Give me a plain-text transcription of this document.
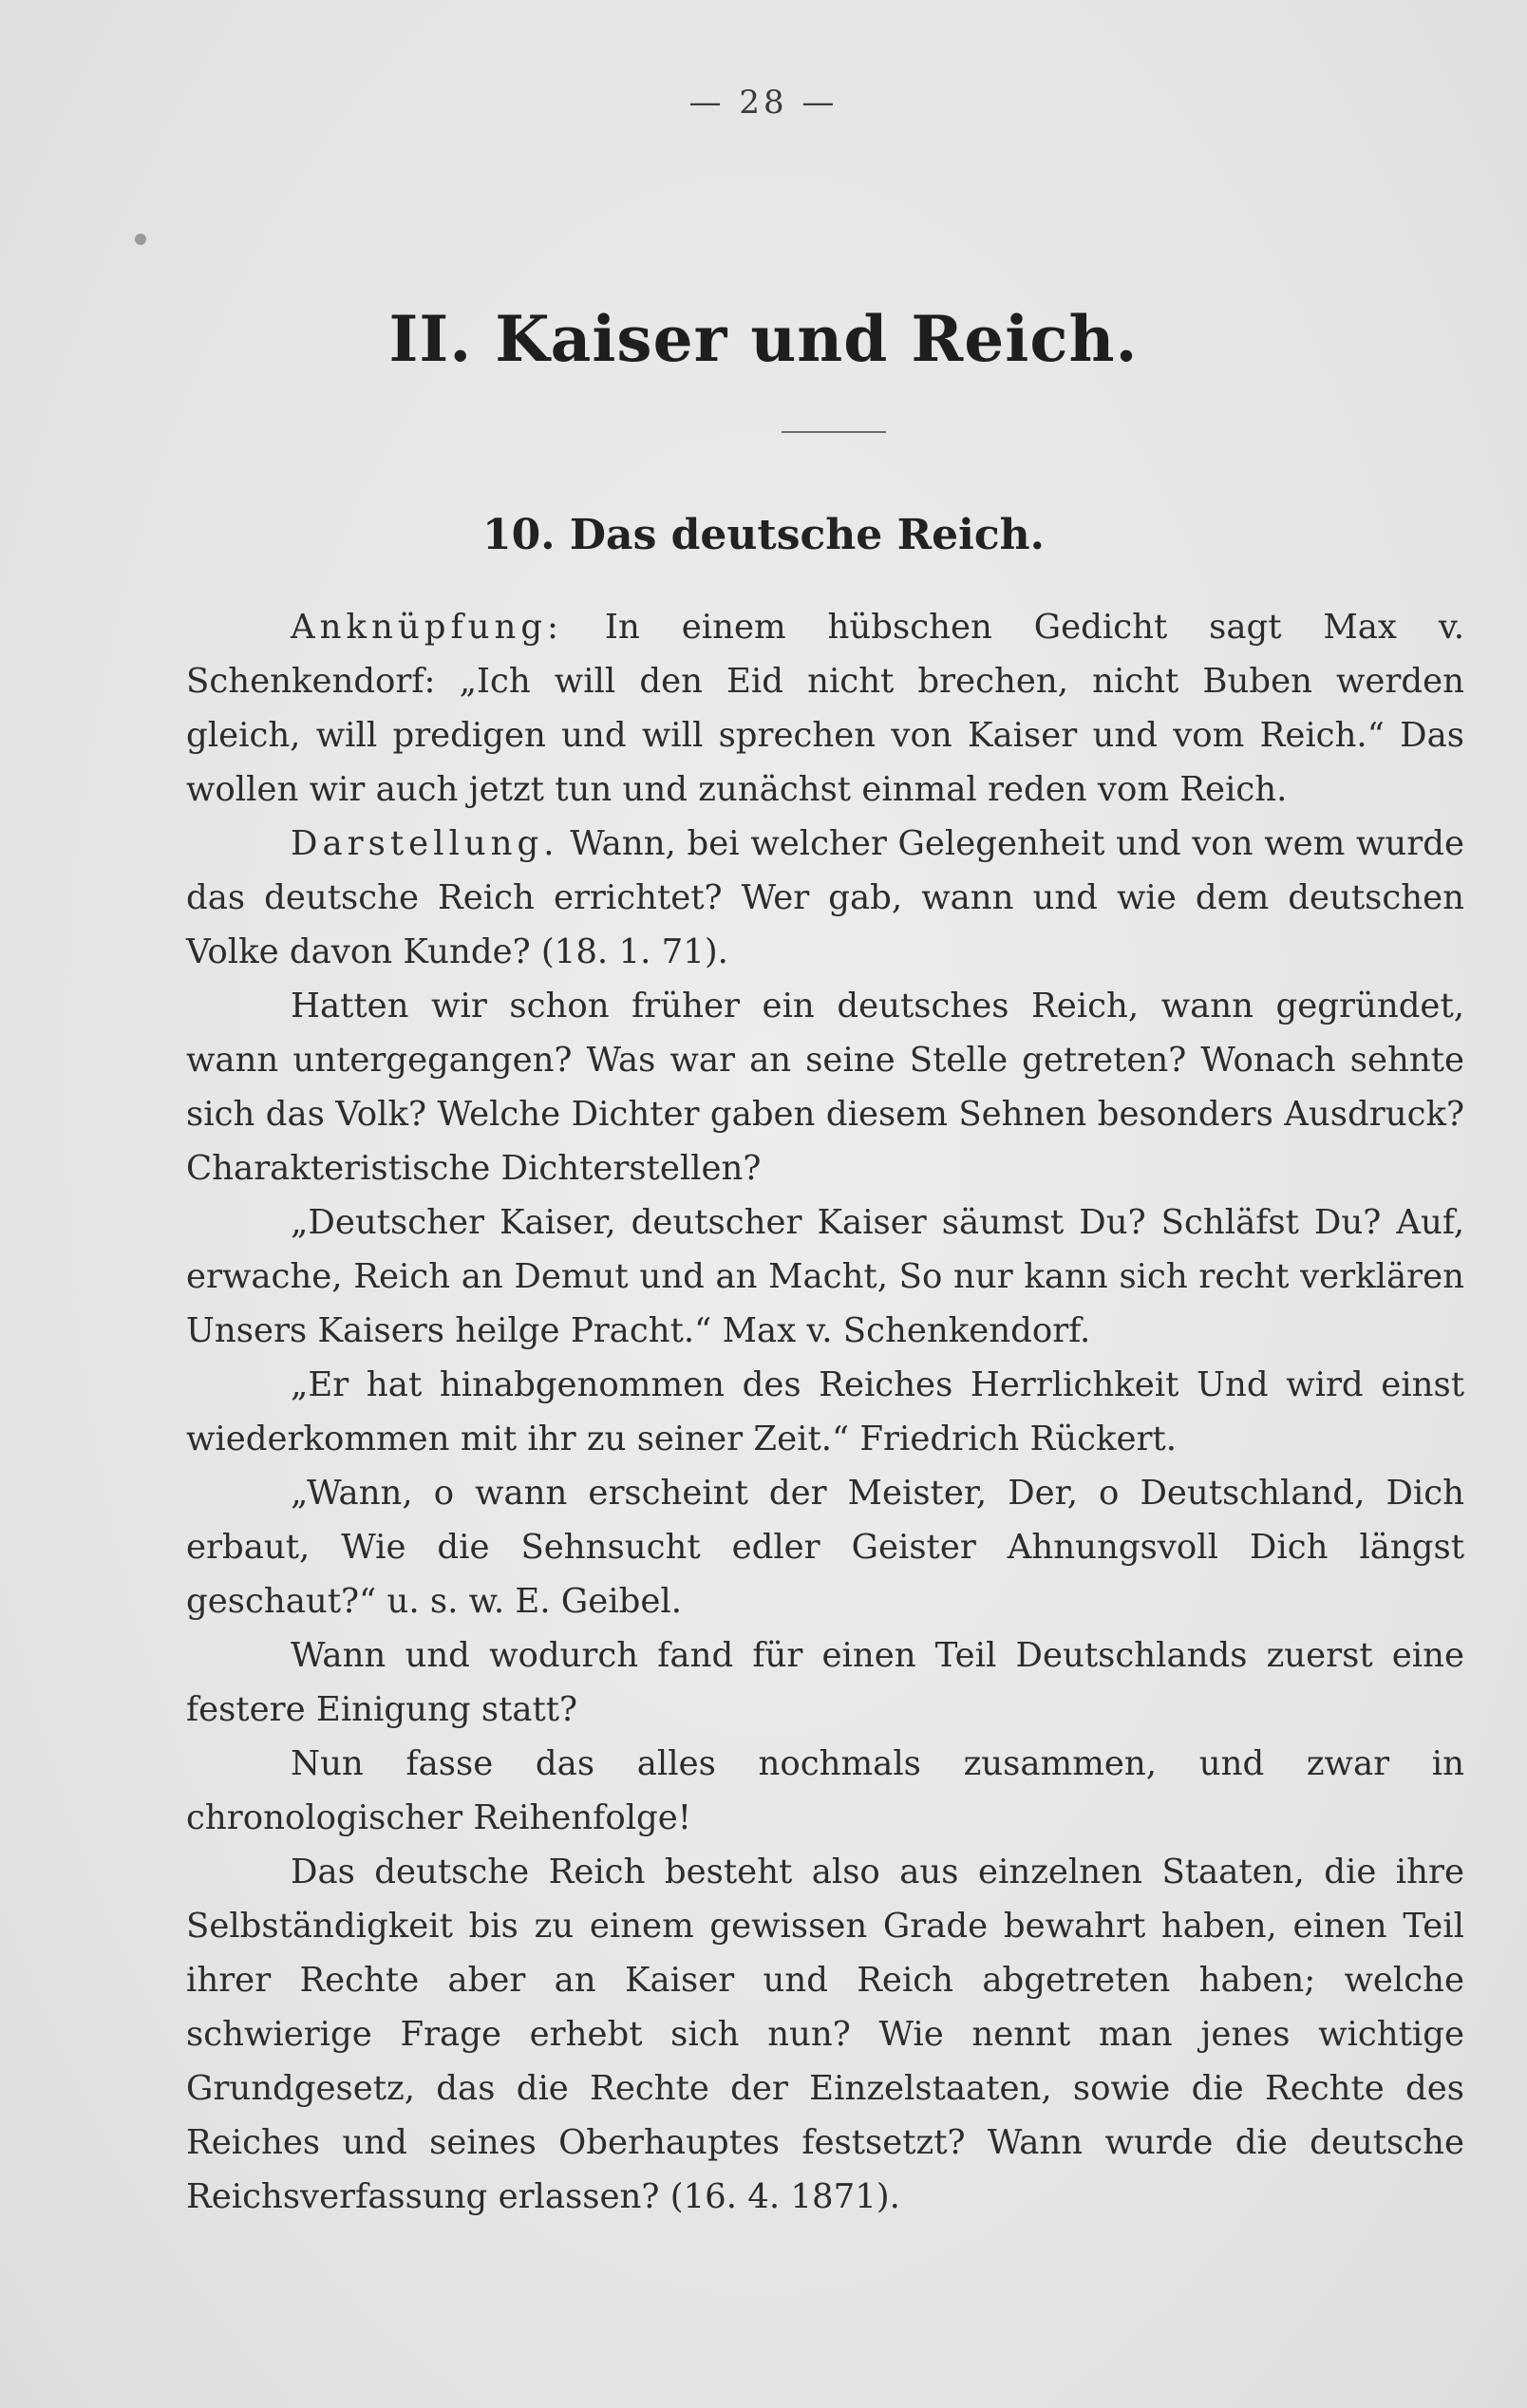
— 28 —
II. Kaiser und Reich.
10. Das deutsche Reich.

Anknüpfung: In einem hübschen Gedicht sagt Max v. Schenkendorf: „Ich will den Eid nicht brechen, nicht Buben werden gleich, will predigen und will sprechen von Kaiser und vom Reich.“ Das wollen wir auch jetzt tun und zunächst einmal reden vom Reich.

Darstellung. Wann, bei welcher Gelegenheit und von wem wurde das deutsche Reich errichtet? Wer gab, wann und wie dem deutschen Volke davon Kunde? (18. 1. 71).

Hatten wir schon früher ein deutsches Reich, wann gegründet, wann untergegangen? Was war an seine Stelle getreten? Wonach sehnte sich das Volk? Welche Dichter gaben diesem Sehnen besonders Ausdruck? Charakteristische Dichterstellen?

„Deutscher Kaiser, deutscher Kaiser säumst Du? Schläfst Du? Auf, erwache, Reich an Demut und an Macht, So nur kann sich recht verklären Unsers Kaisers heilge Pracht.“ Max v. Schenkendorf.

„Er hat hinabgenommen des Reiches Herrlichkeit Und wird einst wiederkommen mit ihr zu seiner Zeit.“ Friedrich Rückert.

„Wann, o wann erscheint der Meister, Der, o Deutschland, Dich erbaut, Wie die Sehnsucht edler Geister Ahnungsvoll Dich längst geschaut?“ u. s. w. E. Geibel.

Wann und wodurch fand für einen Teil Deutschlands zuerst eine festere Einigung statt?

Nun fasse das alles nochmals zusammen, und zwar in chronologischer Reihenfolge!

Das deutsche Reich besteht also aus einzelnen Staaten, die ihre Selbständigkeit bis zu einem gewissen Grade bewahrt haben, einen Teil ihrer Rechte aber an Kaiser und Reich abgetreten haben; welche schwierige Frage erhebt sich nun? Wie nennt man jenes wichtige Grundgesetz, das die Rechte der Einzelstaaten, sowie die Rechte des Reiches und seines Oberhauptes festsetzt? Wann wurde die deutsche Reichsverfassung erlassen? (16. 4. 1871).
